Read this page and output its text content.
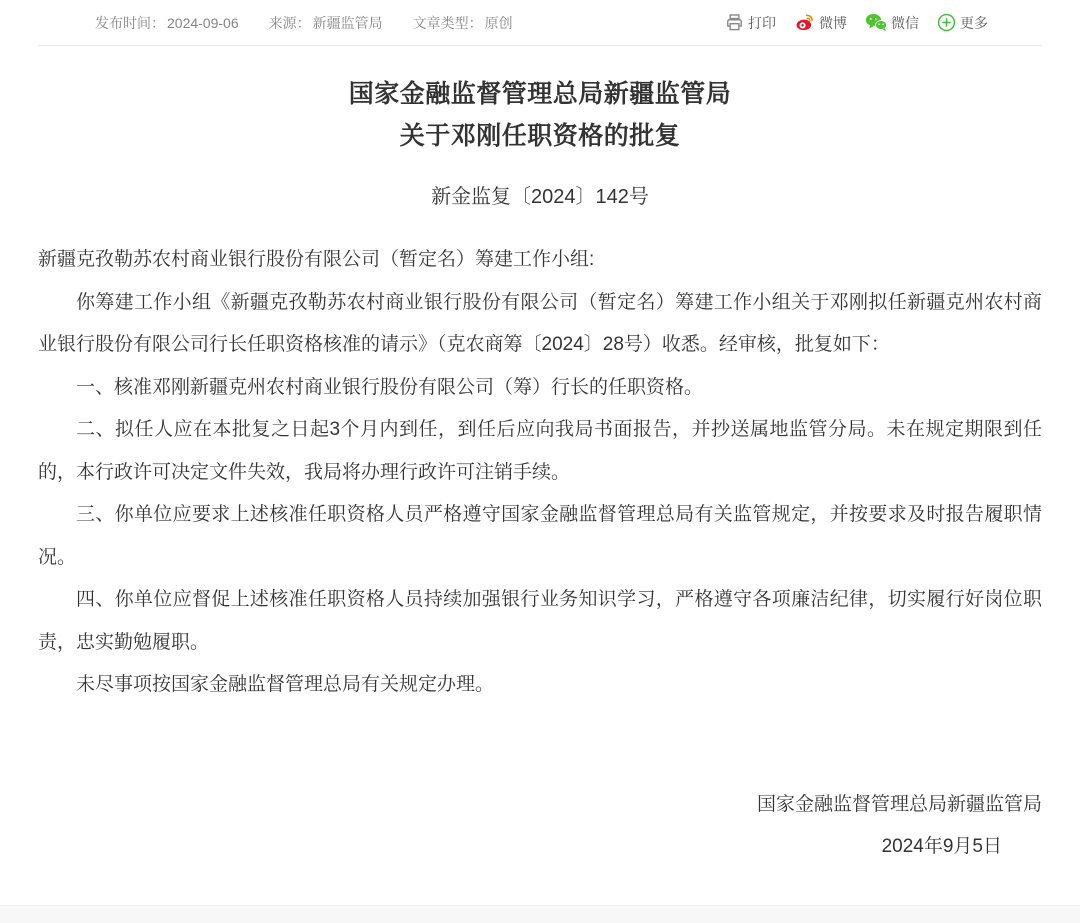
发布时间： 2024-09-06 来源： 新疆监管局 文章类型： 原创	打印	微博	微信	更多
国家金融监督管理总局新疆监管局
关于邓刚任职资格的批复
新金监复〔2024〕142号

新疆克孜勒苏农村商业银行股份有限公司（暂定名）筹建工作小组:

你筹建工作小组《新疆克孜勒苏农村商业银行股份有限公司（暂定名）筹建工作小组关于邓刚拟任新疆克州农村商业银行股份有限公司行长任职资格核准的请示》（克农商筹〔2024〕28号）收悉。经审核，批复如下：

一、核准邓刚新疆克州农村商业银行股份有限公司（筹）行长的任职资格。

二、拟任人应在本批复之日起3个月内到任，到任后应向我局书面报告，并抄送属地监管分局。未在规定期限到任的，本行政许可决定文件失效，我局将办理行政许可注销手续。

三、你单位应要求上述核准任职资格人员严格遵守国家金融监督管理总局有关监管规定，并按要求及时报告履职情况。

四、你单位应督促上述核准任职资格人员持续加强银行业务知识学习，严格遵守各项廉洁纪律，切实履行好岗位职责，忠实勤勉履职。

未尽事项按国家金融监督管理总局有关规定办理。

国家金融监督管理总局新疆监管局
2024年9月5日
